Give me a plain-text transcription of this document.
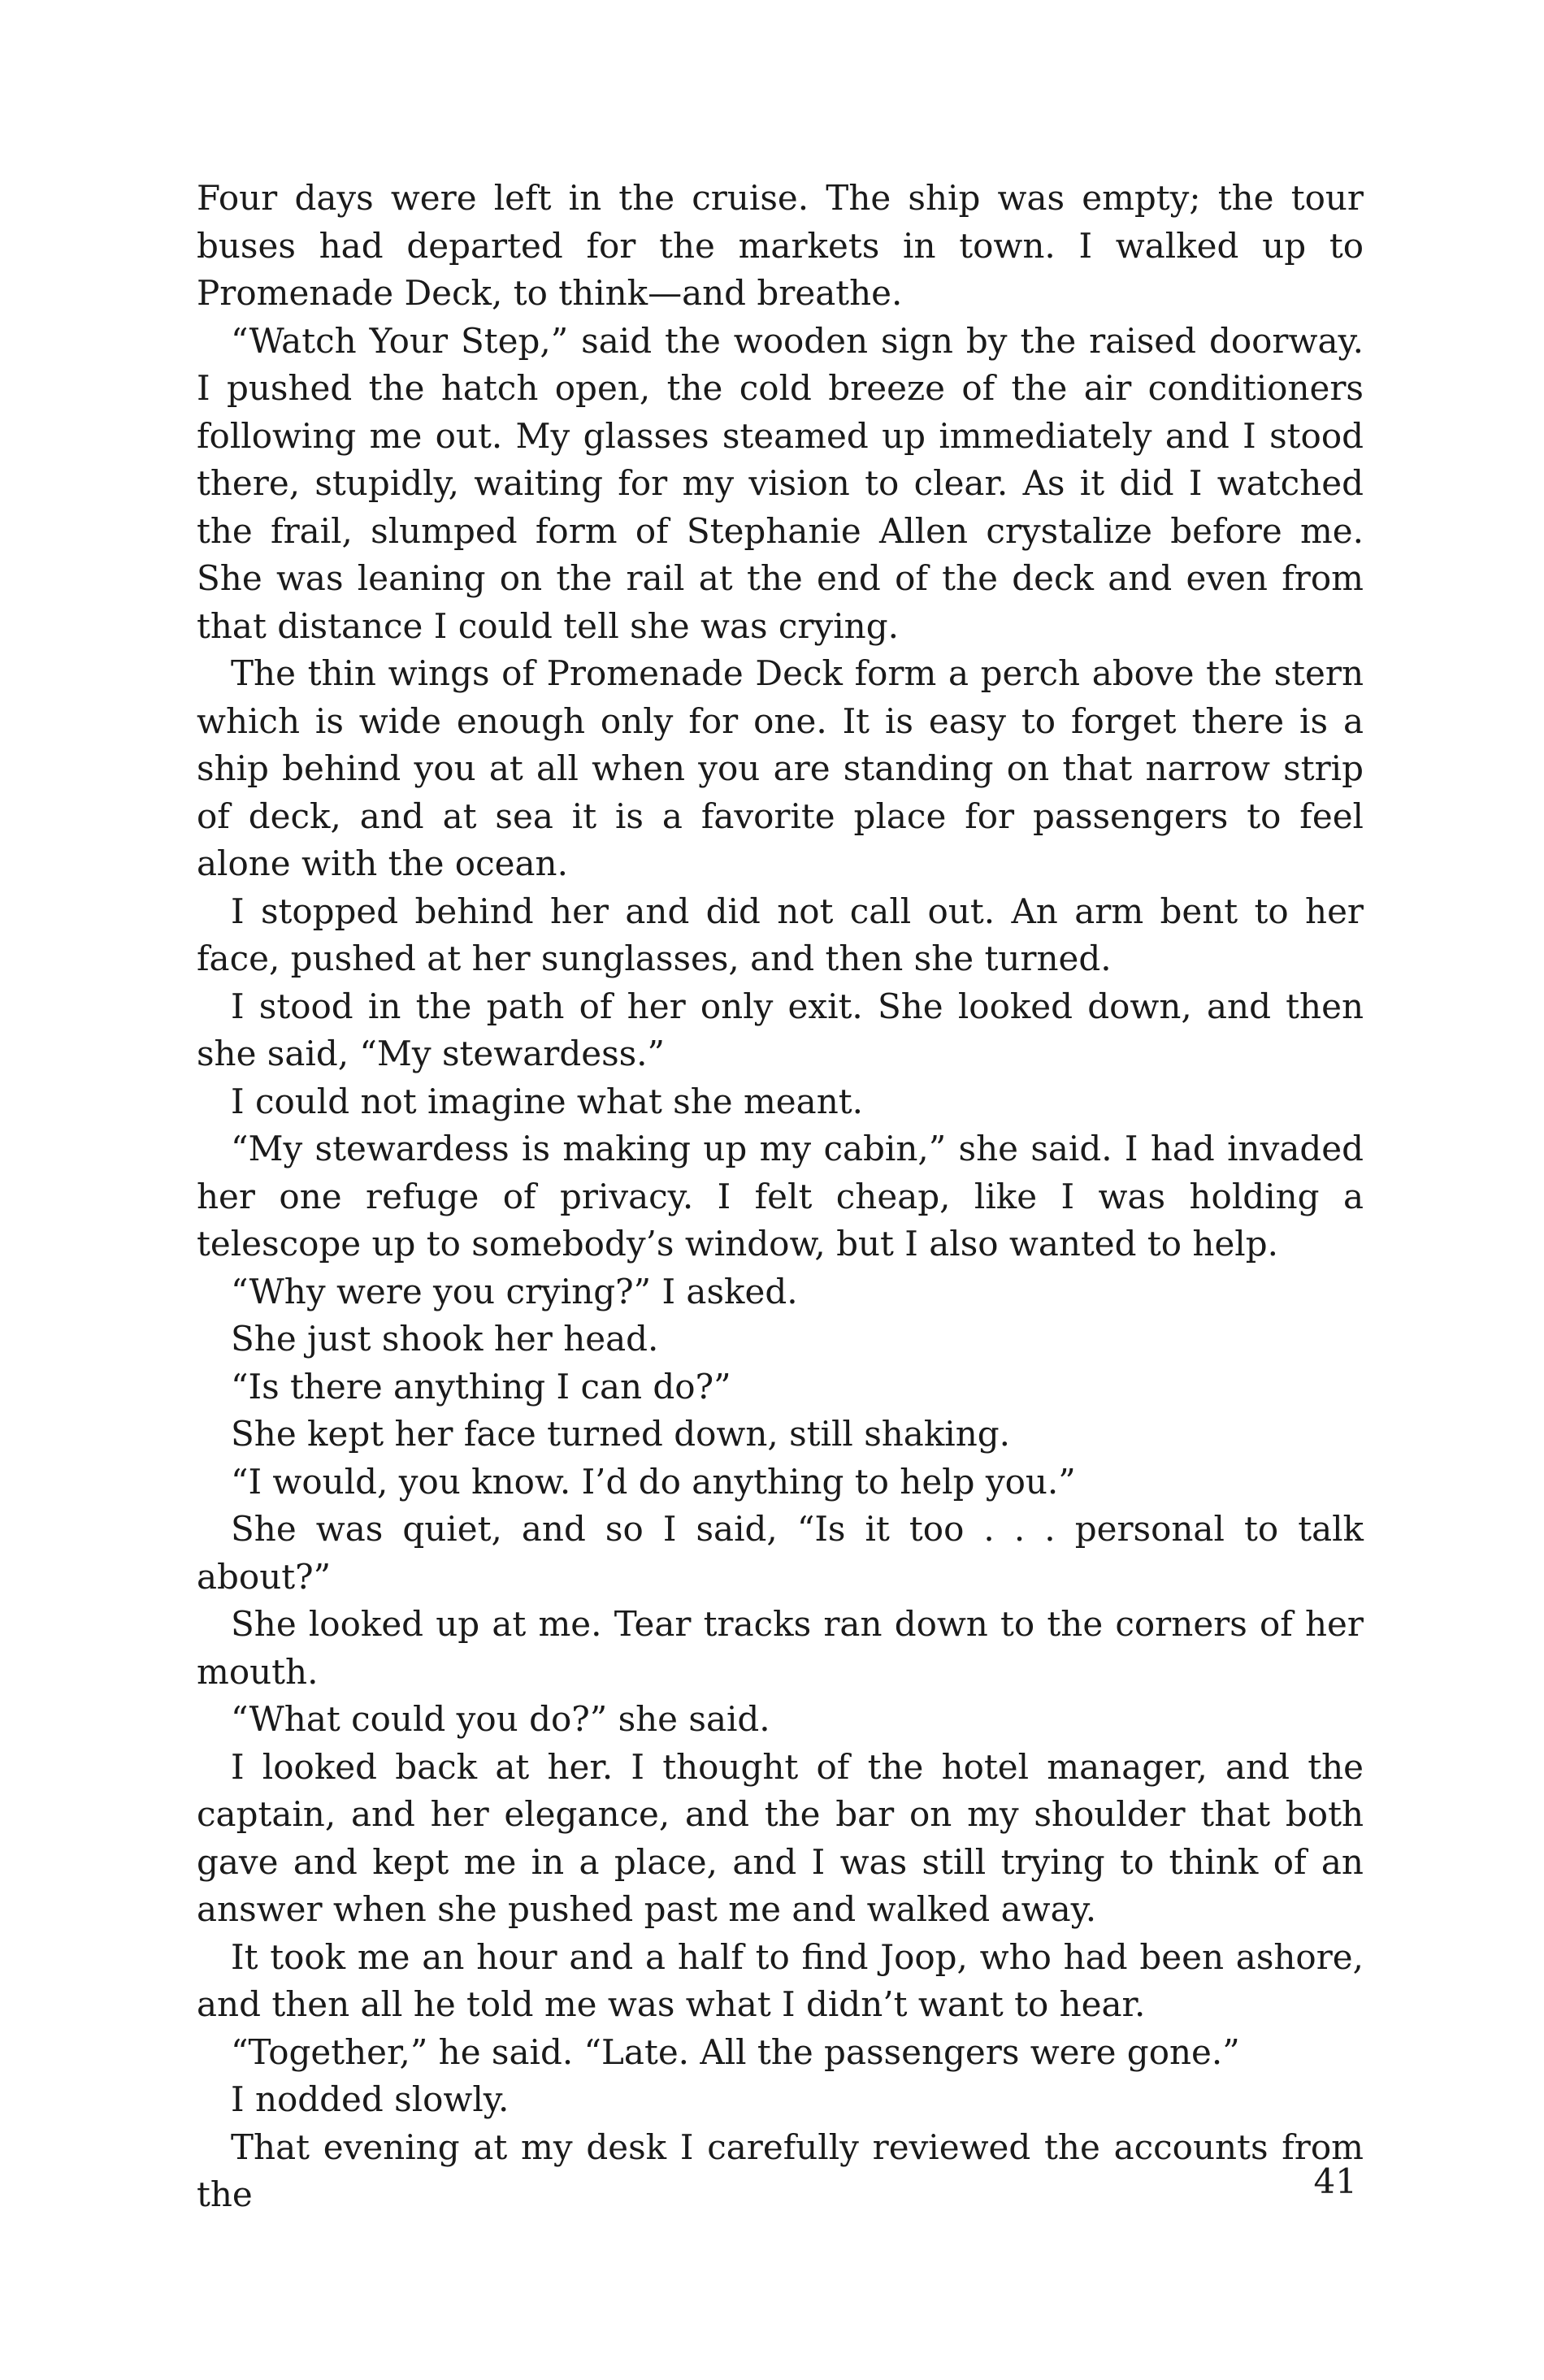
Four days were left in the cruise. The ship was empty; the tour buses had departed for the markets in town. I walked up to Promenade Deck, to think—and breathe.

“Watch Your Step,” said the wooden sign by the raised doorway. I pushed the hatch open, the cold breeze of the air conditioners following me out. My glasses steamed up immediately and I stood there, stupidly, waiting for my vision to clear. As it did I watched the frail, slumped form of Stephanie Allen crystalize before me. She was leaning on the rail at the end of the deck and even from that distance I could tell she was crying.

The thin wings of Promenade Deck form a perch above the stern which is wide enough only for one. It is easy to forget there is a ship behind you at all when you are standing on that narrow strip of deck, and at sea it is a favorite place for passengers to feel alone with the ocean.

I stopped behind her and did not call out. An arm bent to her face, pushed at her sunglasses, and then she turned.

I stood in the path of her only exit. She looked down, and then she said, “My stewardess.”

I could not imagine what she meant.

“My stewardess is making up my cabin,” she said. I had invaded her one refuge of privacy. I felt cheap, like I was holding a telescope up to somebody’s window, but I also wanted to help.

“Why were you crying?” I asked.

She just shook her head.

“Is there anything I can do?”

She kept her face turned down, still shaking.

“I would, you know. I’d do anything to help you.”

She was quiet, and so I said, “Is it too . . . personal to talk about?”

She looked up at me. Tear tracks ran down to the corners of her mouth.

“What could you do?” she said.

I looked back at her. I thought of the hotel manager, and the captain, and her elegance, and the bar on my shoulder that both gave and kept me in a place, and I was still trying to think of an answer when she pushed past me and walked away.

It took me an hour and a half to find Joop, who had been ashore, and then all he told me was what I didn’t want to hear.

“Together,” he said. “Late. All the passengers were gone.”

I nodded slowly.

That evening at my desk I carefully reviewed the accounts from the	41
